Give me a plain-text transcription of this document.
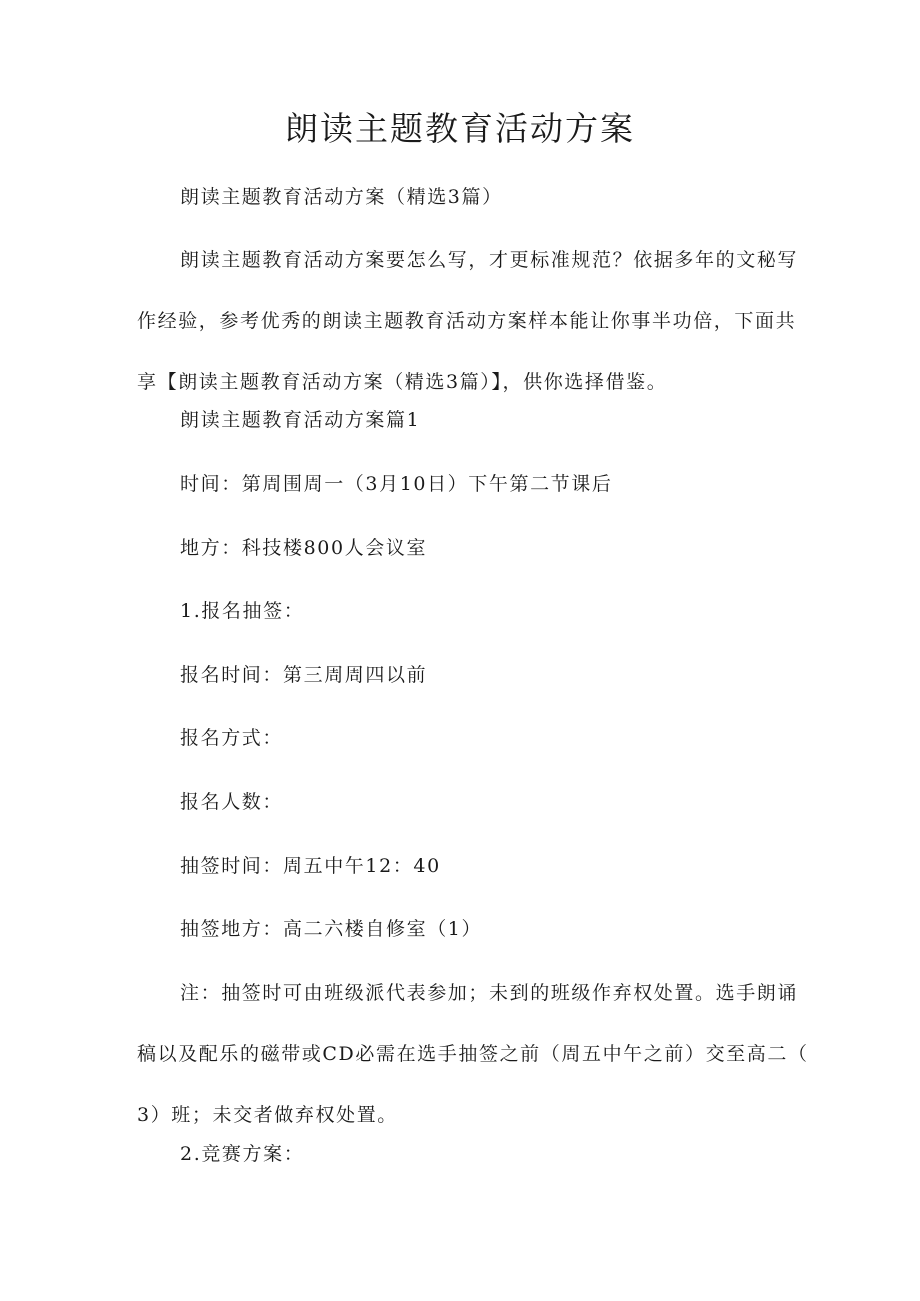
朗读主题教育活动方案

朗读主题教育活动方案（精选3篇）

朗读主题教育活动方案要怎么写，才更标准规范？依据多年的文秘写
作经验，参考优秀的朗读主题教育活动方案样本能让你事半功倍，下面共
享【朗读主题教育活动方案（精选3篇）】，供你选择借鉴。

朗读主题教育活动方案篇1

时间：第周围周一（3月10日）下午第二节课后

地方：科技楼800人会议室

1.报名抽签：

报名时间：第三周周四以前

报名方式：

报名人数：

抽签时间：周五中午12：40

抽签地方：高二六楼自修室（1）

注：抽签时可由班级派代表参加；未到的班级作弃权处置。选手朗诵
稿以及配乐的磁带或CD必需在选手抽签之前（周五中午之前）交至高二（
3）班；未交者做弃权处置。

2.竞赛方案：
